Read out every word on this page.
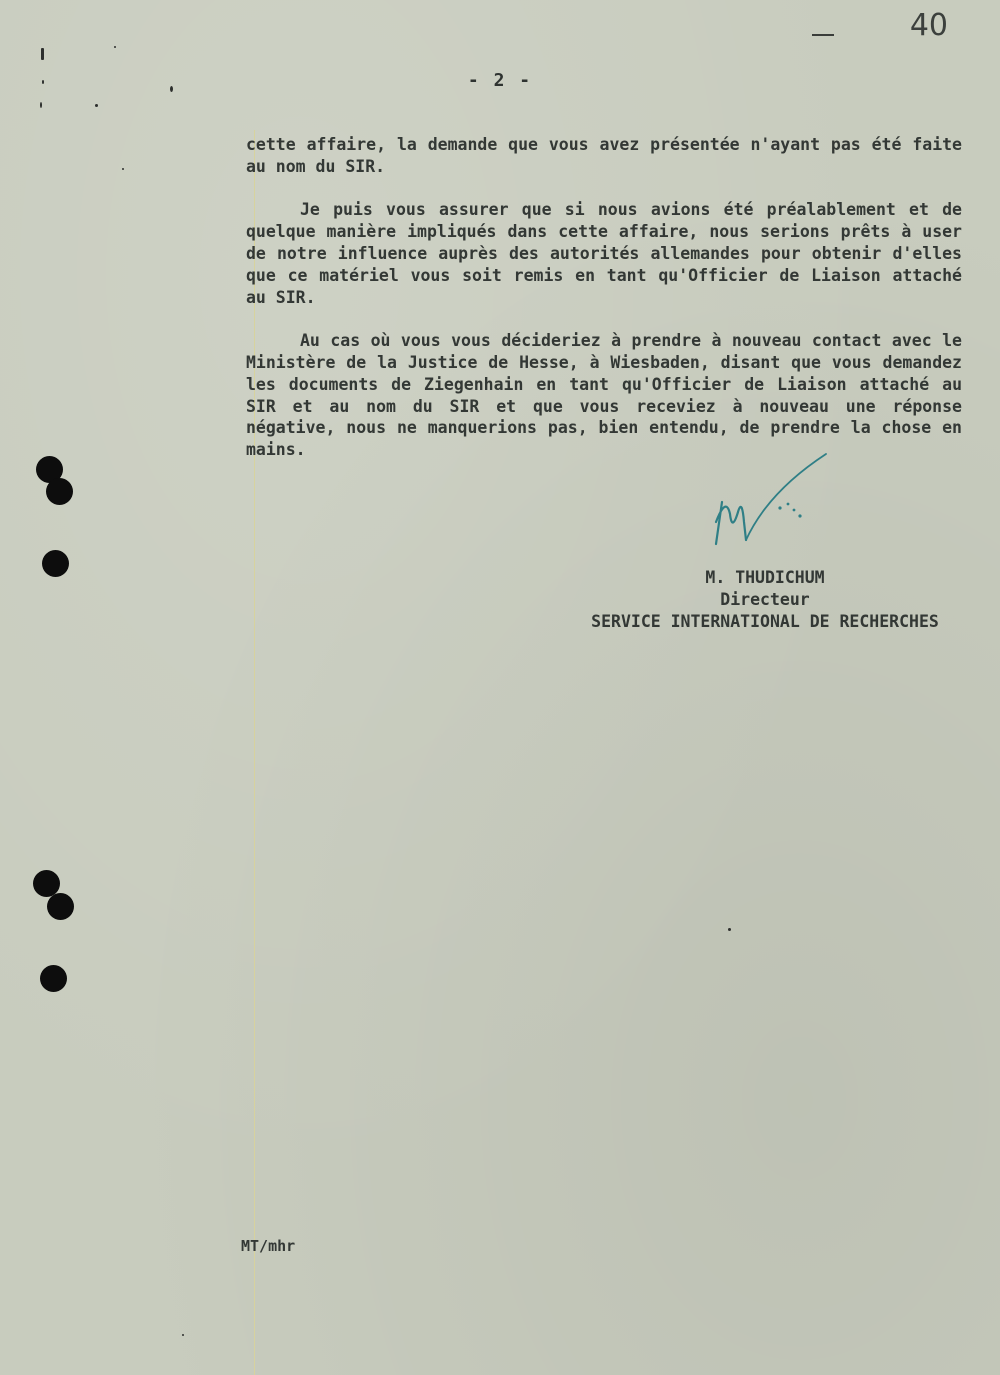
40
- 2 -

cette affaire, la demande que vous avez présentée n'ayant pas été faite au nom du SIR.

Je puis vous assurer que si nous avions été préalablement et de quelque manière impliqués dans cette affaire, nous serions prêts à user de notre influence auprès des autorités allemandes pour obtenir d'elles que ce matériel vous soit remis en tant qu'Officier de Liaison attaché au SIR.

Au cas où vous vous décideriez à prendre à nouveau contact avec le Ministère de la Justice de Hesse, à Wiesbaden, disant que vous demandez les documents de Ziegenhain en tant qu'Officier de Liaison attaché au SIR et au nom du SIR et que vous receviez à nouveau une réponse négative, nous ne manquerions pas, bien entendu, de prendre la chose en mains.

M. THUDICHUM
Directeur
SERVICE INTERNATIONAL DE RECHERCHES
MT/mhr
